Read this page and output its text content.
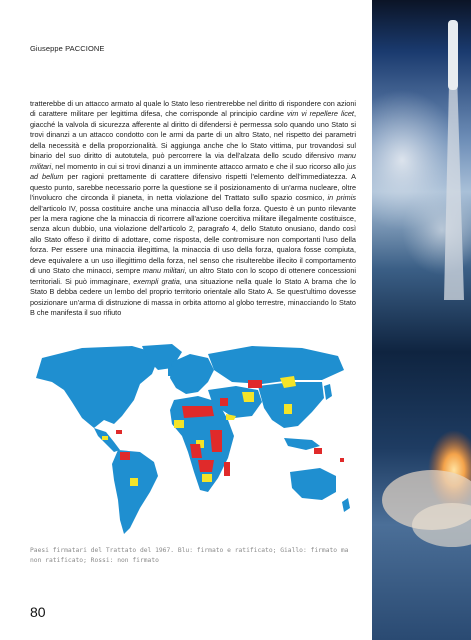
Giuseppe PACCIONE

tratterebbe di un attacco armato al quale lo Stato leso rientrerebbe nel diritto di rispondere con azioni di carattere militare per legittima difesa, che corrisponde al principio cardine vim vi repellere licet, giacché la valvola di sicurezza afferente al diritto di difendersi è permessa solo quando uno Stato si trovi dinanzi a un attacco condotto con le armi da parte di un altro Stato, nel rispetto dei parametri della necessità e della proporzionalità. Si aggiunga anche che lo Stato vittima, pur trovandosi sul binario del suo diritto di autotutela, può percorrere la via dell'alzata dello scudo difensivo manu militari, nel momento in cui si trovi dinanzi a un imminente attacco armato e che il suo ricorso allo jus ad bellum per ragioni prettamente di carattere difensivo rispetti l'elemento dell'immediatezza. A questo punto, sarebbe necessario porre la questione se il posizionamento di un'arma nucleare, oltre l'involucro che circonda il pianeta, in netta violazione del Trattato sullo spazio cosmico, in primis dell'articolo IV, possa costituire anche una minaccia all'uso della forza. Questo è un punto rilevante per la mera ragione che la minaccia di ricorrere all'azione coercitiva militare illegalmente costituisce, senza alcun dubbio, una violazione dell'articolo 2, paragrafo 4, dello Statuto onusiano, dando così allo Stato offeso il diritto di adottare, come risposta, delle contromisure non comportanti l'uso della forza. Per essere una minaccia illegittima, la minaccia di uso della forza, qualora fosse compiuta, deve equivalere a un uso illegittimo della forza, nel senso che risulterebbe illecito il comportamento di uno Stato che minacci, sempre manu militari, un altro Stato con lo scopo di ottenere concessioni territoriali. Si può immaginare, exempli gratia, una situazione nella quale lo Stato A brama che lo Stato B debba cedere un lembo del proprio territorio orientale allo Stato A. Se quest'ultimo dovesse posizionare un'arma di distruzione di massa in orbita attorno al globo terrestre, minacciando lo Stato B che manifesta il suo rifiuto

Paesi firmatari del Trattato del 1967. Blu: firmato e ratificato; Giallo: firmato ma non ratificato; Rossi: non firmato
80
